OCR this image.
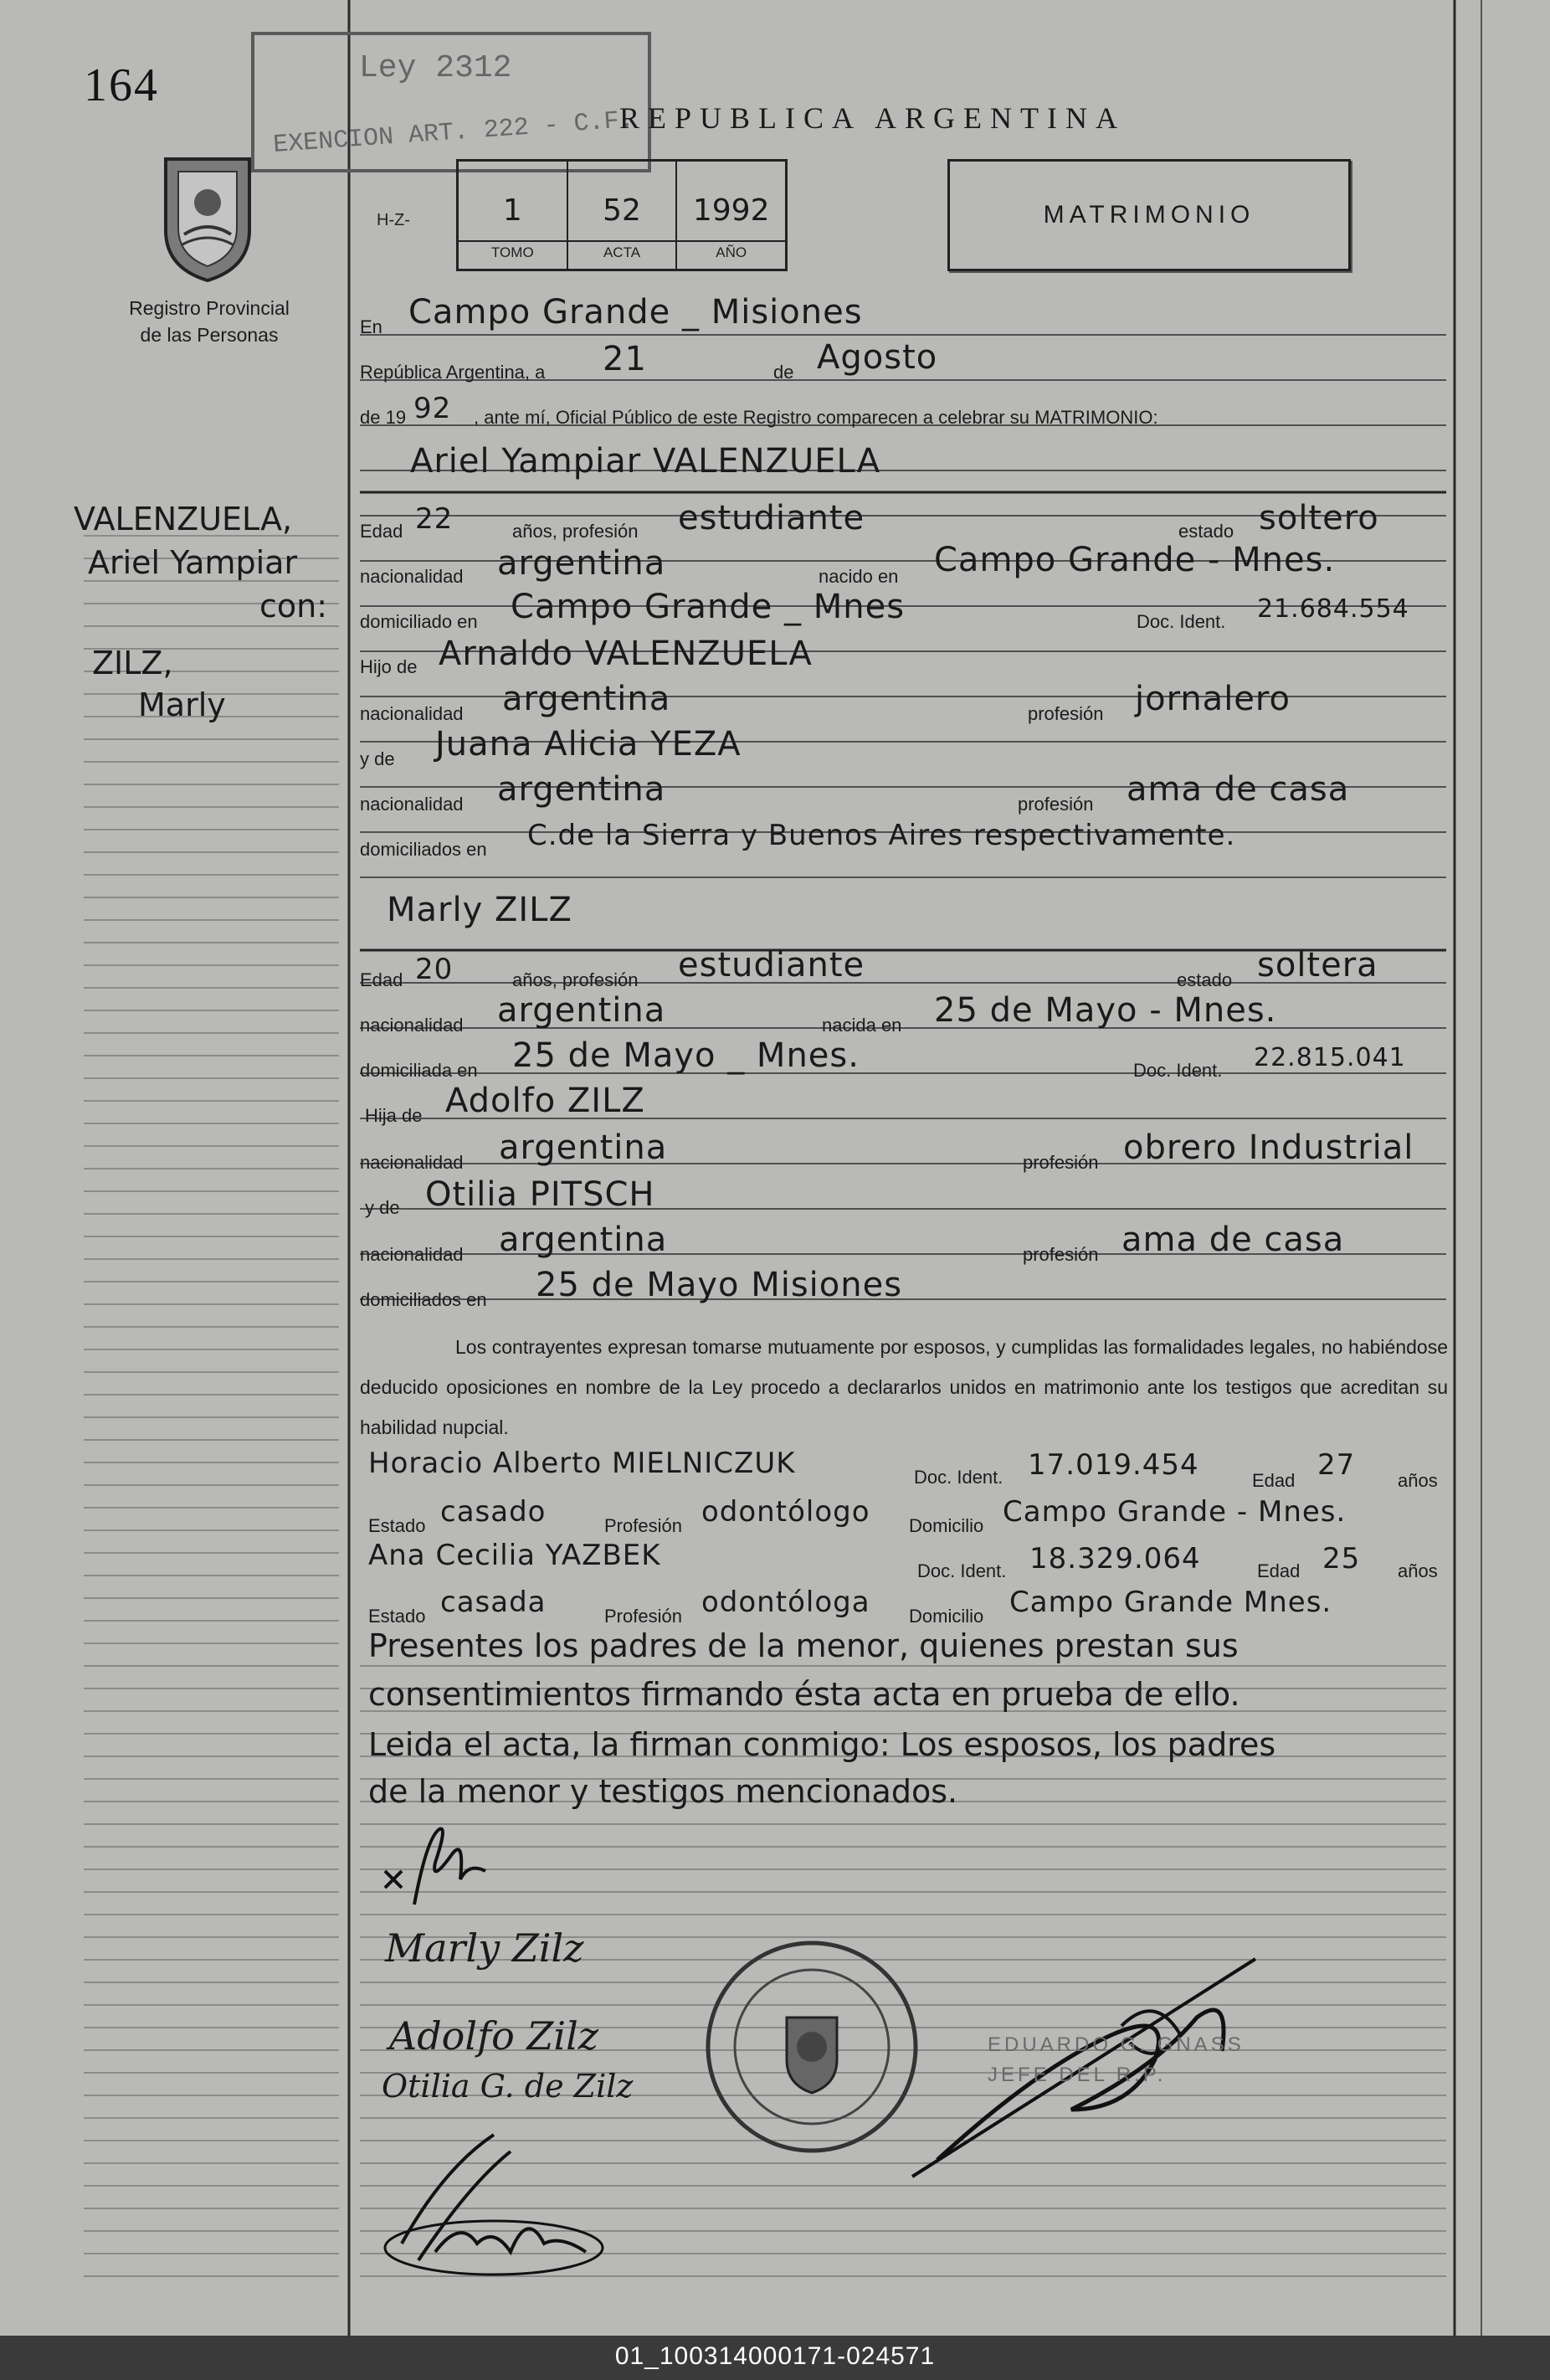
164	Ley 2312
EXENCION ART. 222 - C.F.
REPUBLICA ARGENTINA
Registro Provincial
de las Personas
H-Z-	1
TOMO
52
ACTA
1992
AÑO
MATRIMONIO
VALENZUELA,
Ariel Yampiar
con:
ZILZ,
Marly
En Campo Grande _ Misiones
República Argentina, a 21	de Agosto
de 19 92 , ante mí, Oficial Público de este Registro comparecen a celebrar su MATRIMONIO:
Ariel Yampiar VALENZUELA
Edad 22	años, profesión estudiante	estado soltero
nacionalidad argentina	nacido en Campo Grande - Mnes.
domiciliado en Campo Grande _ Mnes	Doc. Ident. 21.684.554
Hijo de Arnaldo VALENZUELA
nacionalidad argentina	profesión jornalero
y de Juana Alicia YEZA
nacionalidad argentina	profesión ama de casa
domiciliados en C.de la Sierra y Buenos Aires respectivamente.
Marly ZILZ
Edad 20	años, profesión estudiante	estado soltera
nacionalidad argentina	nacida en 25 de Mayo - Mnes.
domiciliada en 25 de Mayo _ Mnes.	Doc. Ident. 22.815.041
Hija de Adolfo ZILZ
nacionalidad argentina	profesión obrero Industrial
y de Otilia PITSCH
nacionalidad argentina	profesión ama de casa
domiciliados en 25 de Mayo Misiones
Los contrayentes expresan tomarse mutuamente por esposos, y cumplidas las formalidades legales, no habiéndose deducido oposiciones en nombre de la Ley procedo a declararlos unidos en matrimonio ante los testigos que acreditan su habilidad nupcial.
Horacio Alberto MIELNICZUK	Doc. Ident. 17.019.454	Edad 27 años
Estado casado	Profesión odontólogo Domicilio Campo Grande - Mnes.
Ana Cecilia YAZBEK	Doc. Ident. 18.329.064	Edad 25 años
Estado casada	Profesión odontóloga Domicilio Campo Grande Mnes.
Presentes los padres de la menor, quienes prestan sus
consentimientos firmando ésta acta en prueba de ello.
Leida el acta, la firman conmigo: Los esposos, los padres
de la menor y testigos mencionados.
Marly Zilz
Adolfo Zilz
Otilia G. de Zilz
EDUARDO G. GNASS
JEFE DEL R.P.
01_100314000171-024571
